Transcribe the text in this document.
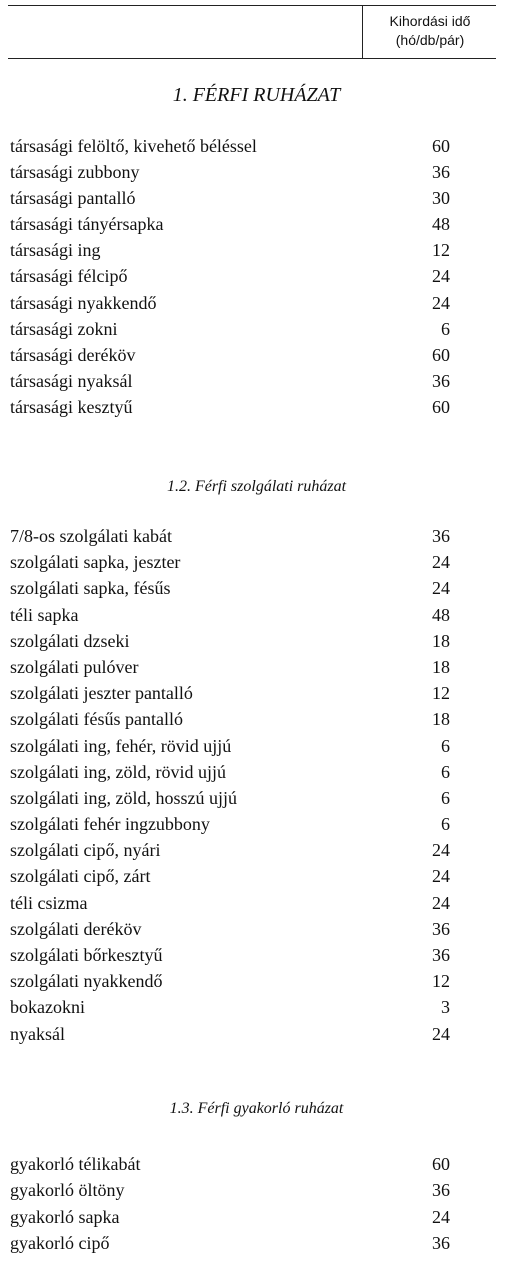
Kihordási idő
(hó/db/pár)
1. FÉRFI RUHÁZAT
társasági felöltő, kivehető béléssel	60
társasági zubbony	36
társasági pantalló	30
társasági tányérsapka	48
társasági ing	12
társasági félcipő	24
társasági nyakkendő	24
társasági zokni	6
társasági deréköv	60
társasági nyaksál	36
társasági kesztyű	60
1.2. Férfi szolgálati ruházat
7/8-os szolgálati kabát	36
szolgálati sapka, jeszter	24
szolgálati sapka, fésűs	24
téli sapka	48
szolgálati dzseki	18
szolgálati pulóver	18
szolgálati jeszter pantalló	12
szolgálati fésűs pantalló	18
szolgálati ing, fehér, rövid ujjú	6
szolgálati ing, zöld, rövid ujjú	6
szolgálati ing, zöld, hosszú ujjú	6
szolgálati fehér ingzubbony	6
szolgálati cipő, nyári	24
szolgálati cipő, zárt	24
téli csizma	24
szolgálati deréköv	36
szolgálati bőrkesztyű	36
szolgálati nyakkendő	12
bokazokni	3
nyaksál	24
1.3. Férfi gyakorló ruházat
gyakorló télikabát	60
gyakorló öltöny	36
gyakorló sapka	24
gyakorló cipő	36
